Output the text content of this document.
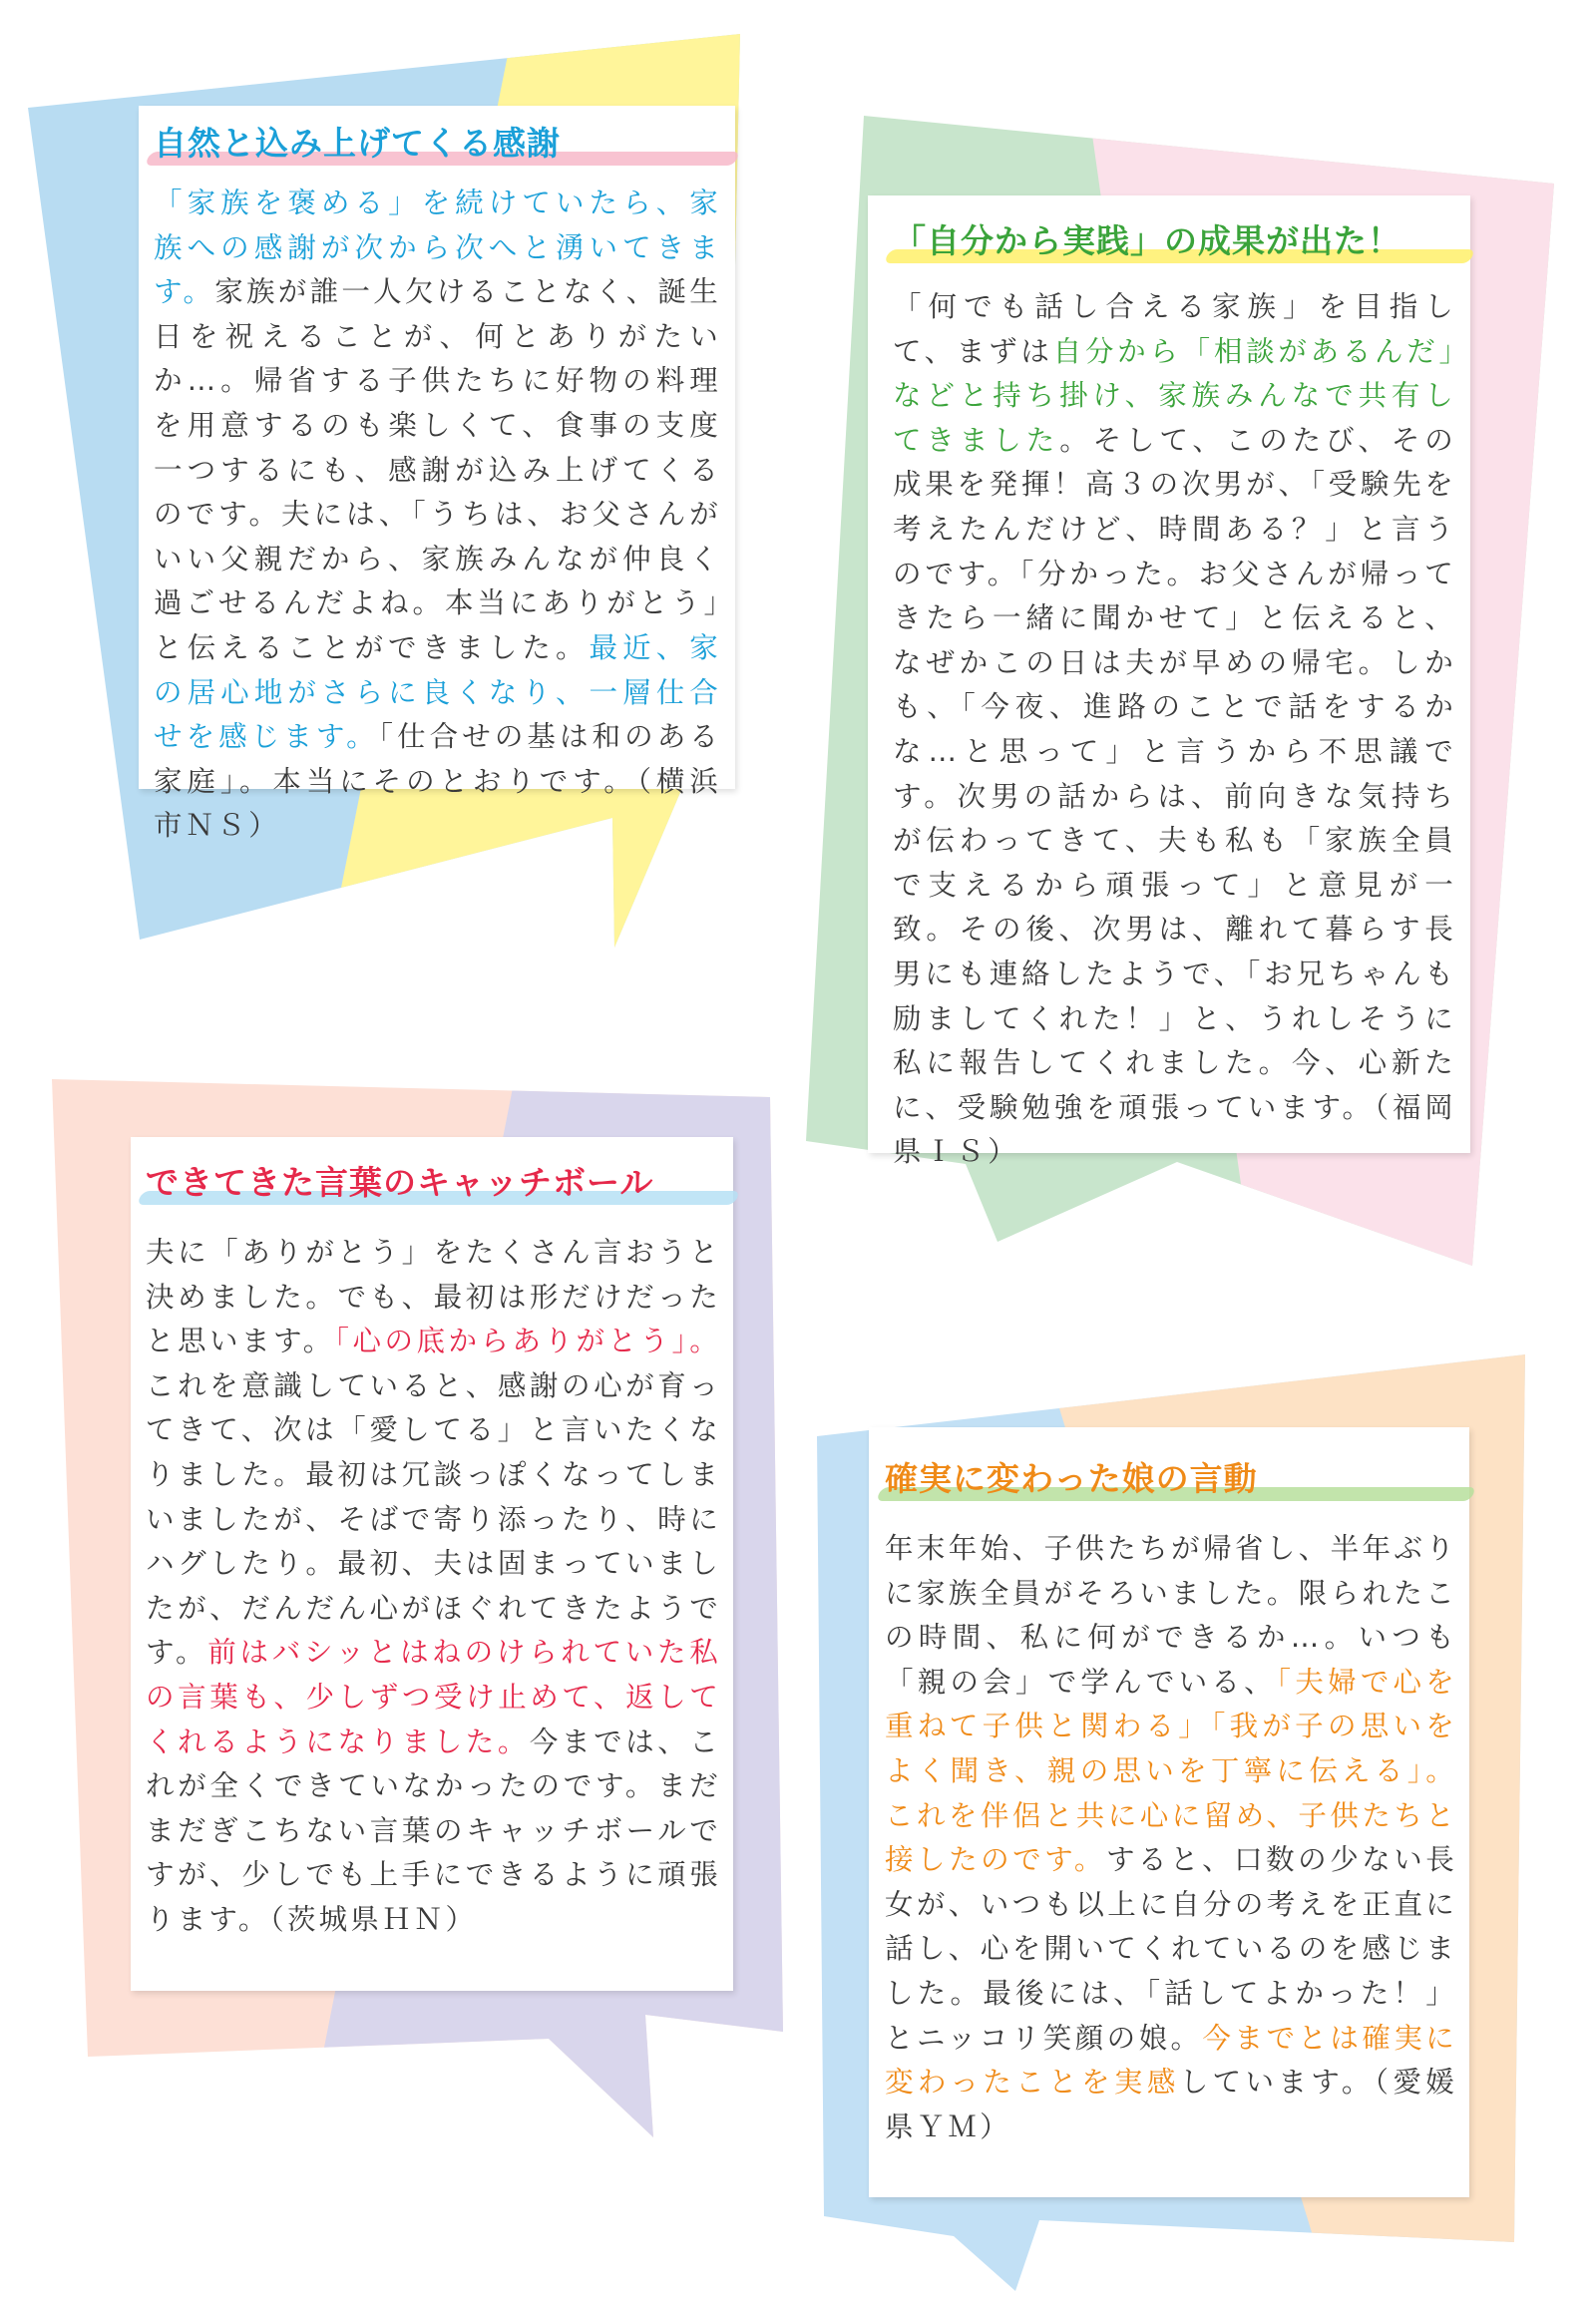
自然と込み上げてくる感謝
「家族を褒める」を続けていたら、家族への感謝が次から次へと湧いてきます。家族が誰一人欠けることなく、誕生日を祝えることが、何とありがたいか…。帰省する子供たちに好物の料理を用意するのも楽しくて、食事の支度一つするにも、感謝が込み上げてくるのです。夫には、「うちは、お父さんがいい父親だから、家族みんなが仲良く過ごせるんだよね。本当にありがとう」と伝えることができました。最近、家の居心地がさらに良くなり、一層仕合せを感じます。「仕合せの基は和のある家庭」。本当にそのとおりです。（横浜市ＮＳ）
「自分から実践」の成果が出た！
「何でも話し合える家族」を目指して、まずは自分から「相談があるんだ」などと持ち掛け、家族みんなで共有してきました。そして、このたび、その成果を発揮！高３の次男が、「受験先を考えたんだけど、時間ある？」と言うのです。「分かった。お父さんが帰ってきたら一緒に聞かせて」と伝えると、なぜかこの日は夫が早めの帰宅。しかも、「今夜、進路のことで話をするかな…と思って」と言うから不思議です。次男の話からは、前向きな気持ちが伝わってきて、夫も私も「家族全員で支えるから頑張って」と意見が一致。その後、次男は、離れて暮らす長男にも連絡したようで、「お兄ちゃんも励ましてくれた！」と、うれしそうに私に報告してくれました。今、心新たに、受験勉強を頑張っています。（福岡県ＩＳ）
できてきた言葉のキャッチボール
夫に「ありがとう」をたくさん言おうと決めました。でも、最初は形だけだったと思います。「心の底からありがとう」。これを意識していると、感謝の心が育ってきて、次は「愛してる」と言いたくなりました。最初は冗談っぽくなってしまいましたが、そばで寄り添ったり、時にハグしたり。最初、夫は固まっていましたが、だんだん心がほぐれてきたようです。前はバシッとはねのけられていた私の言葉も、少しずつ受け止めて、返してくれるようになりました。今までは、これが全くできていなかったのです。まだまだぎこちない言葉のキャッチボールですが、少しでも上手にできるように頑張ります。（茨城県ＨＮ）
確実に変わった娘の言動
年末年始、子供たちが帰省し、半年ぶりに家族全員がそろいました。限られたこの時間、私に何ができるか…。いつも「親の会」で学んでいる、「夫婦で心を重ねて子供と関わる」「我が子の思いをよく聞き、親の思いを丁寧に伝える」。これを伴侶と共に心に留め、子供たちと接したのです。すると、口数の少ない長女が、いつも以上に自分の考えを正直に話し、心を開いてくれているのを感じました。最後には、「話してよかった！」とニッコリ笑顔の娘。今までとは確実に変わったことを実感しています。（愛媛県ＹＭ）
